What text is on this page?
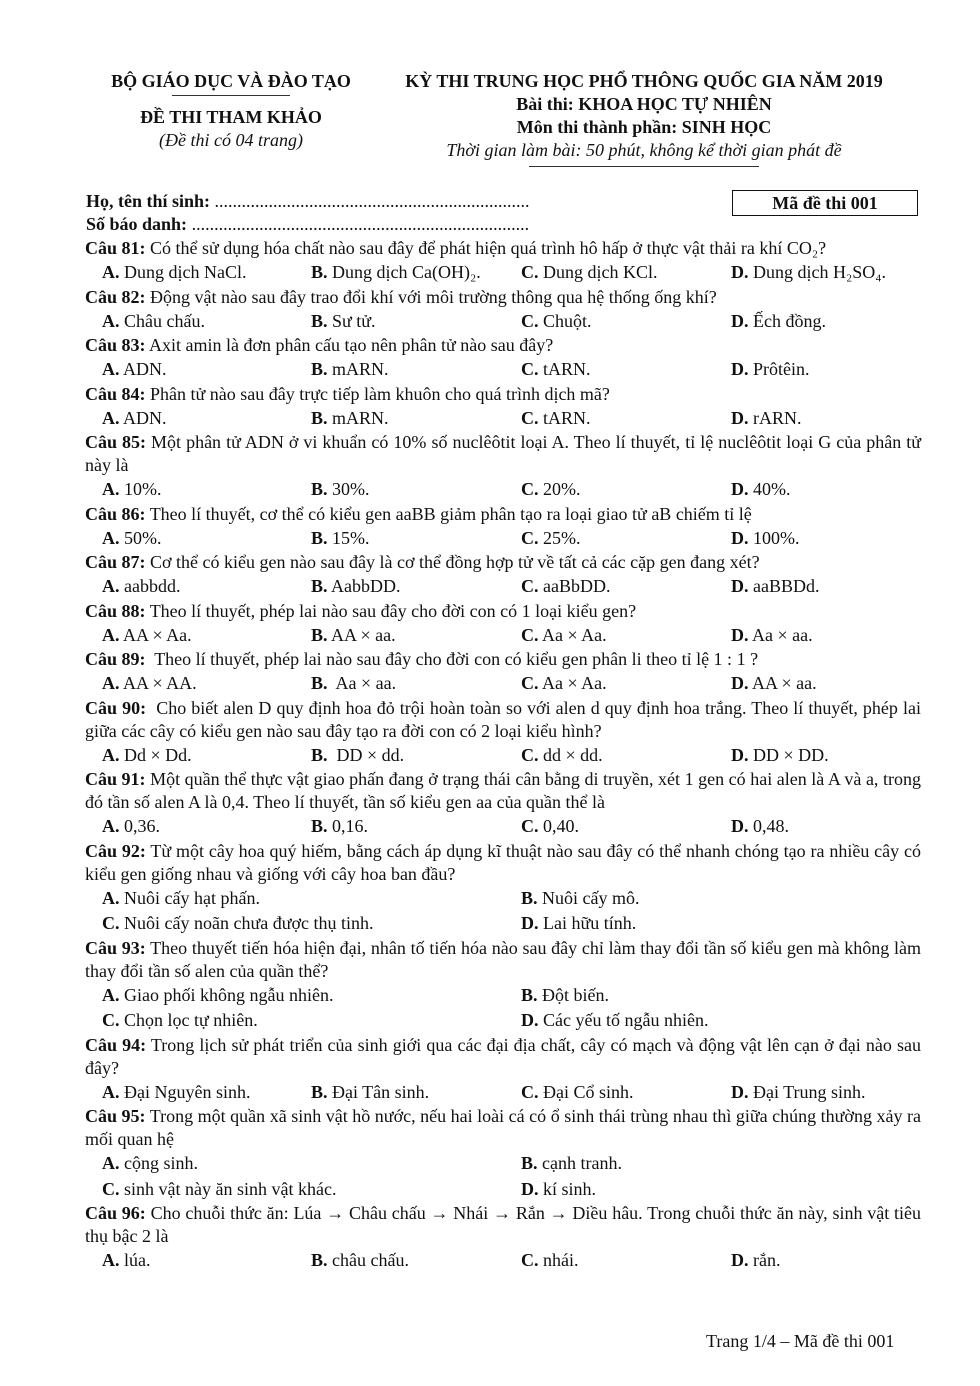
BỘ GIÁO DỤC VÀ ĐÀO TẠO
ĐỀ THI THAM KHẢO
(Đề thi có 04 trang)
KỲ THI TRUNG HỌC PHỔ THÔNG QUỐC GIA NĂM 2019
Bài thi: KHOA HỌC TỰ NHIÊN
Môn thi thành phần: SINH HỌC
Thời gian làm bài: 50 phút, không kể thời gian phát đề
Họ, tên thí sinh: ......................................................................
Số báo danh: ...........................................................................
Mã đề thi 001

Câu 81: Có thể sử dụng hóa chất nào sau đây để phát hiện quá trình hô hấp ở thực vật thải ra khí CO₂?

A. Dung dịch NaCl.	B. Dung dịch Ca(OH)₂. C. Dung dịch KCl.	D. Dung dịch H₂SO₄.

Câu 82: Động vật nào sau đây trao đổi khí với môi trường thông qua hệ thống ống khí?

A. Châu chấu.	B. Sư tử.	C. Chuột.	D. Ếch đồng.

Câu 83: Axit amin là đơn phân cấu tạo nên phân tử nào sau đây?

A. ADN.	B. mARN.	C. tARN.	D. Prôtêin.

Câu 84: Phân tử nào sau đây trực tiếp làm khuôn cho quá trình dịch mã?

A. ADN.	B. mARN.	C. tARN.	D. rARN.

Câu 85: Một phân tử ADN ở vi khuẩn có 10% số nuclêôtit loại A. Theo lí thuyết, tỉ lệ nuclêôtit loại G của phân tử này là

A. 10%.	B. 30%.	C. 20%.	D. 40%.

Câu 86: Theo lí thuyết, cơ thể có kiểu gen aaBB giảm phân tạo ra loại giao tử aB chiếm tỉ lệ

A. 50%.	B. 15%.	C. 25%.	D. 100%.

Câu 87: Cơ thể có kiểu gen nào sau đây là cơ thể đồng hợp tử về tất cả các cặp gen đang xét?

A. aabbdd.	B. AabbDD.	C. aaBbDD.	D. aaBBDd.

Câu 88: Theo lí thuyết, phép lai nào sau đây cho đời con có 1 loại kiểu gen?

A. AA × Aa.	B. AA × aa.	C. Aa × Aa.	D. Aa × aa.

Câu 89:  Theo lí thuyết, phép lai nào sau đây cho đời con có kiểu gen phân li theo tỉ lệ 1 : 1 ?

A. AA × AA.	B.  Aa × aa.	C. Aa × Aa.	D. AA × aa.

Câu 90:  Cho biết alen D quy định hoa đỏ trội hoàn toàn so với alen d quy định hoa trắng. Theo lí thuyết, phép lai giữa các cây có kiểu gen nào sau đây tạo ra đời con có 2 loại kiểu hình?

A. Dd × Dd.	B.  DD × dd.	C. dd × dd.	D. DD × DD.

Câu 91: Một quần thể thực vật giao phấn đang ở trạng thái cân bằng di truyền, xét 1 gen có hai alen là A và a, trong đó tần số alen A là 0,4. Theo lí thuyết, tần số kiểu gen aa của quần thể là

A. 0,36.	B. 0,16.	C. 0,40.	D. 0,48.

Câu 92: Từ một cây hoa quý hiếm, bằng cách áp dụng kĩ thuật nào sau đây có thể nhanh chóng tạo ra nhiều cây có kiểu gen giống nhau và giống với cây hoa ban đầu?

A. Nuôi cấy hạt phấn.	B. Nuôi cấy mô.
C. Nuôi cấy noãn chưa được thụ tinh.	D. Lai hữu tính.

Câu 93: Theo thuyết tiến hóa hiện đại, nhân tố tiến hóa nào sau đây chỉ làm thay đổi tần số kiểu gen mà không làm thay đổi tần số alen của quần thể?

A. Giao phối không ngẫu nhiên.	B. Đột biến.
C. Chọn lọc tự nhiên.	D. Các yếu tố ngẫu nhiên.

Câu 94: Trong lịch sử phát triển của sinh giới qua các đại địa chất, cây có mạch và động vật lên cạn ở đại nào sau đây?

A. Đại Nguyên sinh.	B. Đại Tân sinh.	C. Đại Cổ sinh.	D. Đại Trung sinh.

Câu 95: Trong một quần xã sinh vật hồ nước, nếu hai loài cá có ổ sinh thái trùng nhau thì giữa chúng thường xảy ra mối quan hệ

A. cộng sinh.	B. cạnh tranh.
C. sinh vật này ăn sinh vật khác.	D. kí sinh.

Câu 96: Cho chuỗi thức ăn: Lúa → Châu chấu → Nhái → Rắn → Diều hâu. Trong chuỗi thức ăn này, sinh vật tiêu thụ bậc 2 là

A. lúa.	B. châu chấu.	C. nhái.	D. rắn.
Trang 1/4 – Mã đề thi 001
